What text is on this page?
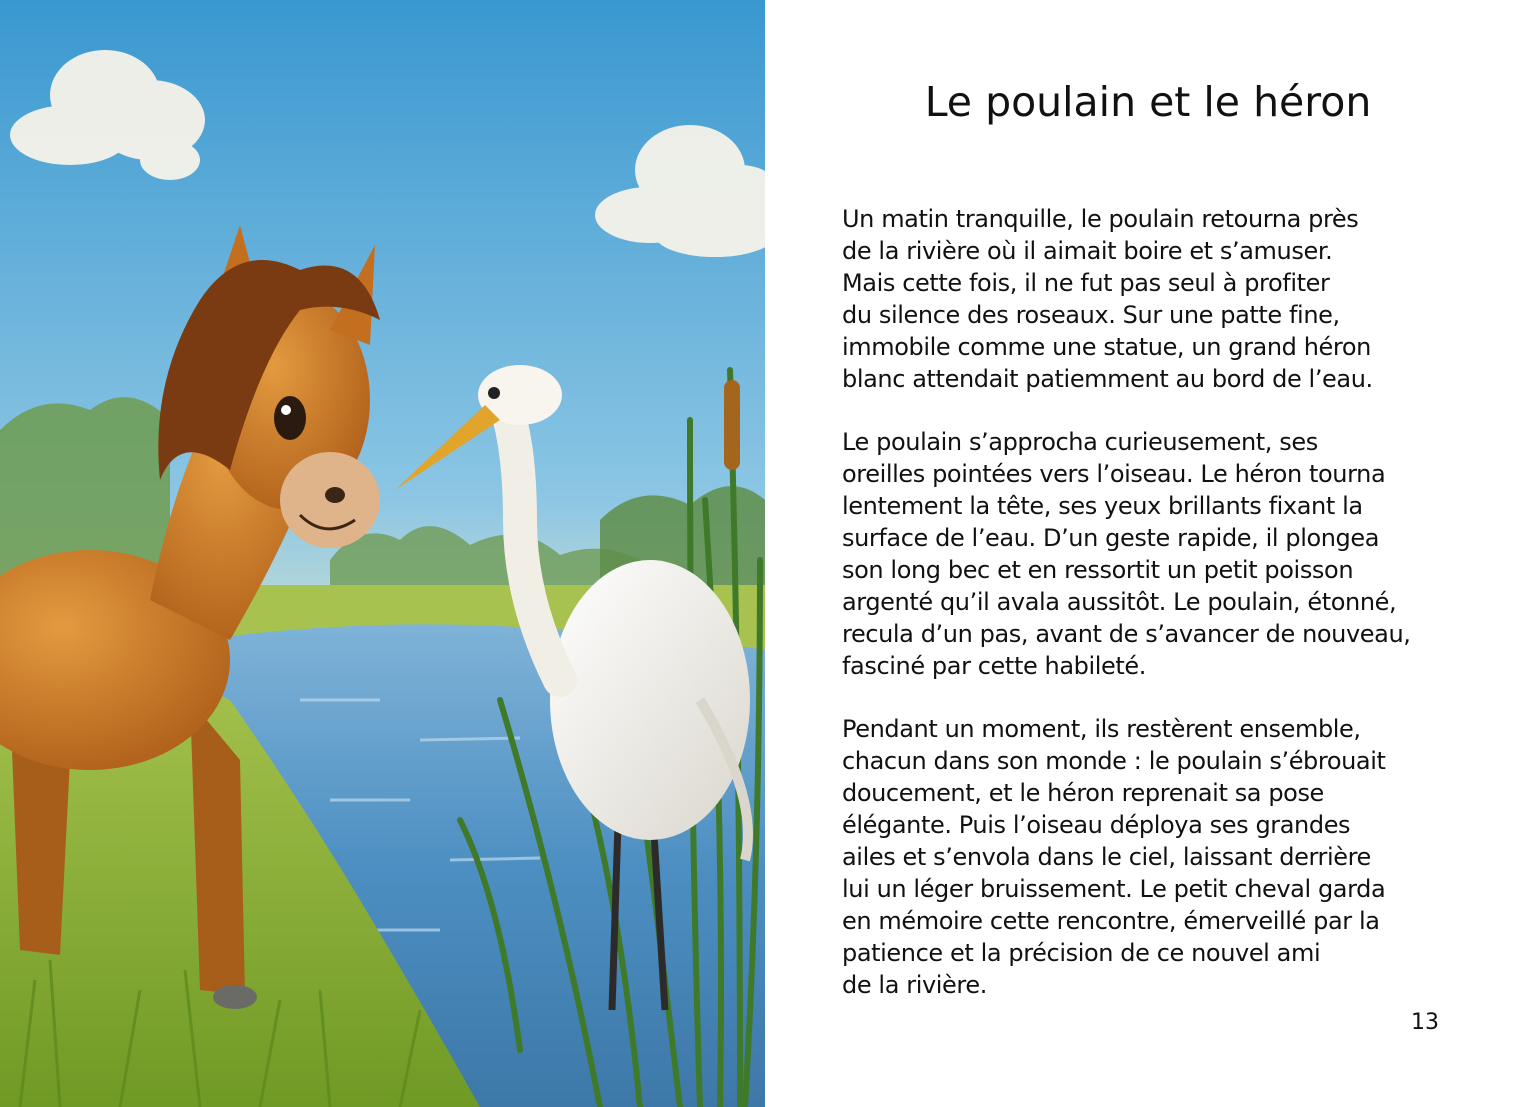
Le poulain et le héron

Un matin tranquille, le poulain retourna près
de la rivière où il aimait boire et s’amuser.
Mais cette fois, il ne fut pas seul à profiter
du silence des roseaux. Sur une patte fine,
immobile comme une statue, un grand héron
blanc attendait patiemment au bord de l’eau.

Le poulain s’approcha curieusement, ses
oreilles pointées vers l’oiseau. Le héron tourna
lentement la tête, ses yeux brillants fixant la
surface de l’eau. D’un geste rapide, il plongea
son long bec et en ressortit un petit poisson
argenté qu’il avala aussitôt. Le poulain, étonné,
recula d’un pas, avant de s’avancer de nouveau,
fasciné par cette habileté.

Pendant un moment, ils restèrent ensemble,
chacun dans son monde : le poulain s’ébrouait
doucement, et le héron reprenait sa pose
élégante. Puis l’oiseau déploya ses grandes
ailes et s’envola dans le ciel, laissant derrière
lui un léger bruissement. Le petit cheval garda
en mémoire cette rencontre, émerveillé par la
patience et la précision de ce nouvel ami
de la rivière.

13
